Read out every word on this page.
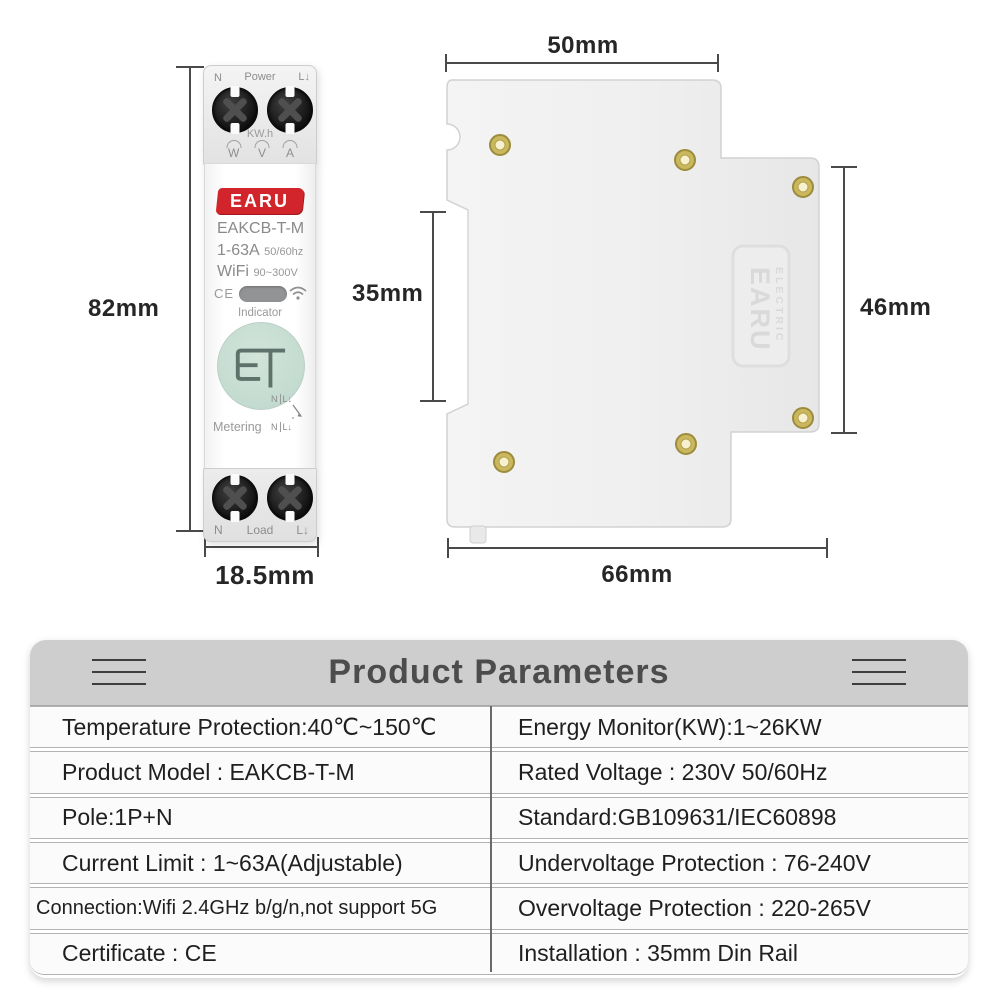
82mm
18.5mm
N	Power	L↓
KW.h
W V A
EARU
EAKCB-T-M
1-63A 50/60hz
WiFi 90~300V
CE
Indicator
N L↓
N L↓
Metering
N	Load	L↓
EARU
ELECTRIC
50mm
35mm
46mm
66mm
Product Parameters
Temperature Protection:40℃~150℃	Energy Monitor(KW):1~26KW
Product Model : EAKCB-T-M	Rated Voltage : 230V 50/60Hz
Pole:1P+N	Standard:GB109631/IEC60898
Current Limit : 1~63A(Adjustable)	Undervoltage Protection : 76-240V
Connection:Wifi 2.4GHz b/g/n,not support 5G	Overvoltage Protection : 220-265V
Certificate : CE	Installation : 35mm Din Rail
